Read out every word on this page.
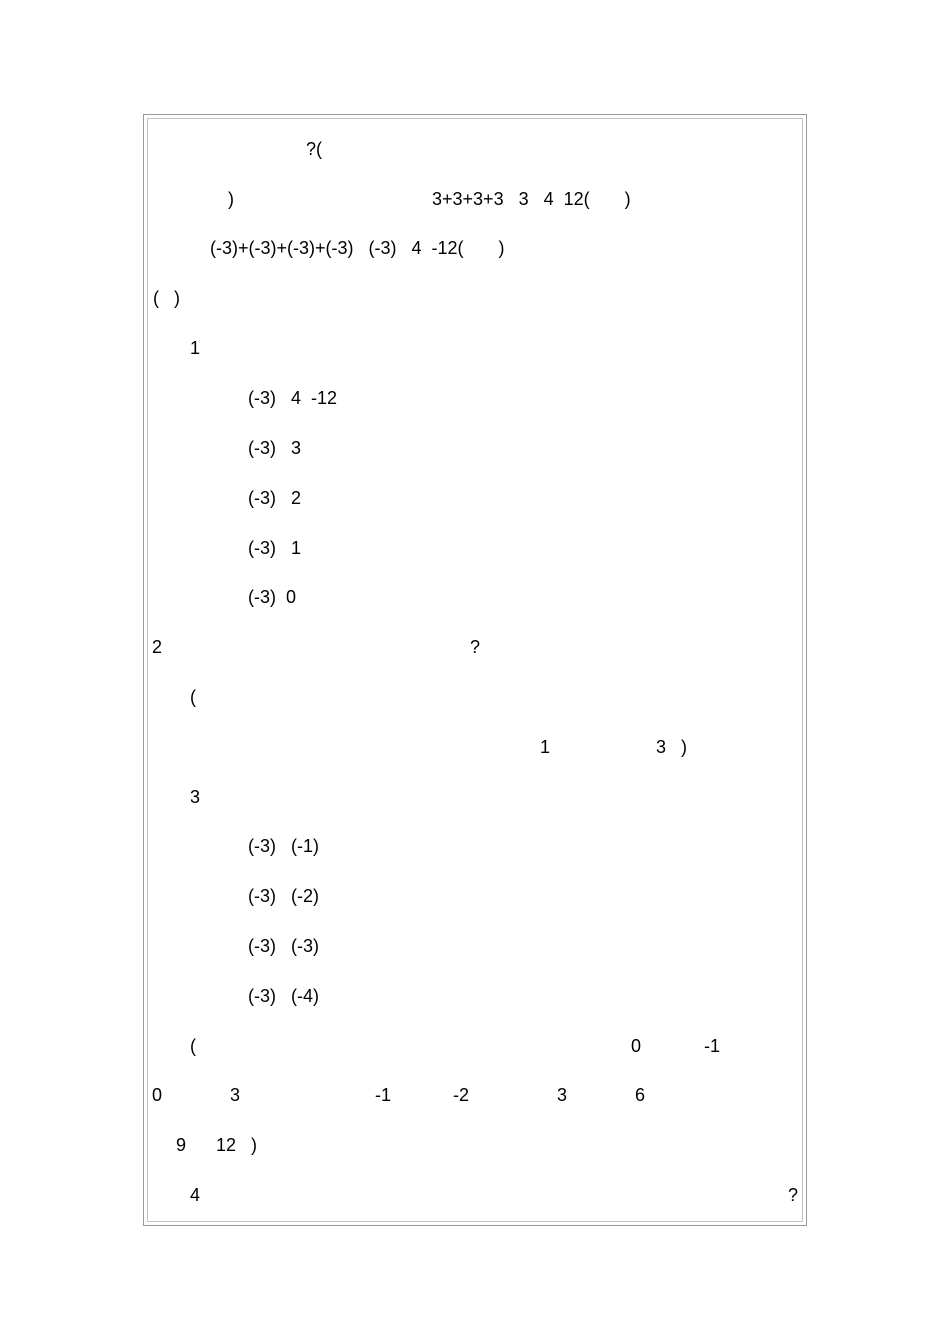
?(
)	3+3+3+3   3   4  12(       )
(-3)+(-3)+(-3)+(-3)   (-3)   4  -12(       )
(   )
1
(-3)   4  -12
(-3)   3
(-3)   2
(-3)   1
(-3)  0
2	?
(
1	3   )
3
(-3)   (-1)
(-3)   (-2)
(-3)   (-3)
(-3)   (-4)
(	0	-1
0	3	-1	-2	3	6
9 12   )
4	?
